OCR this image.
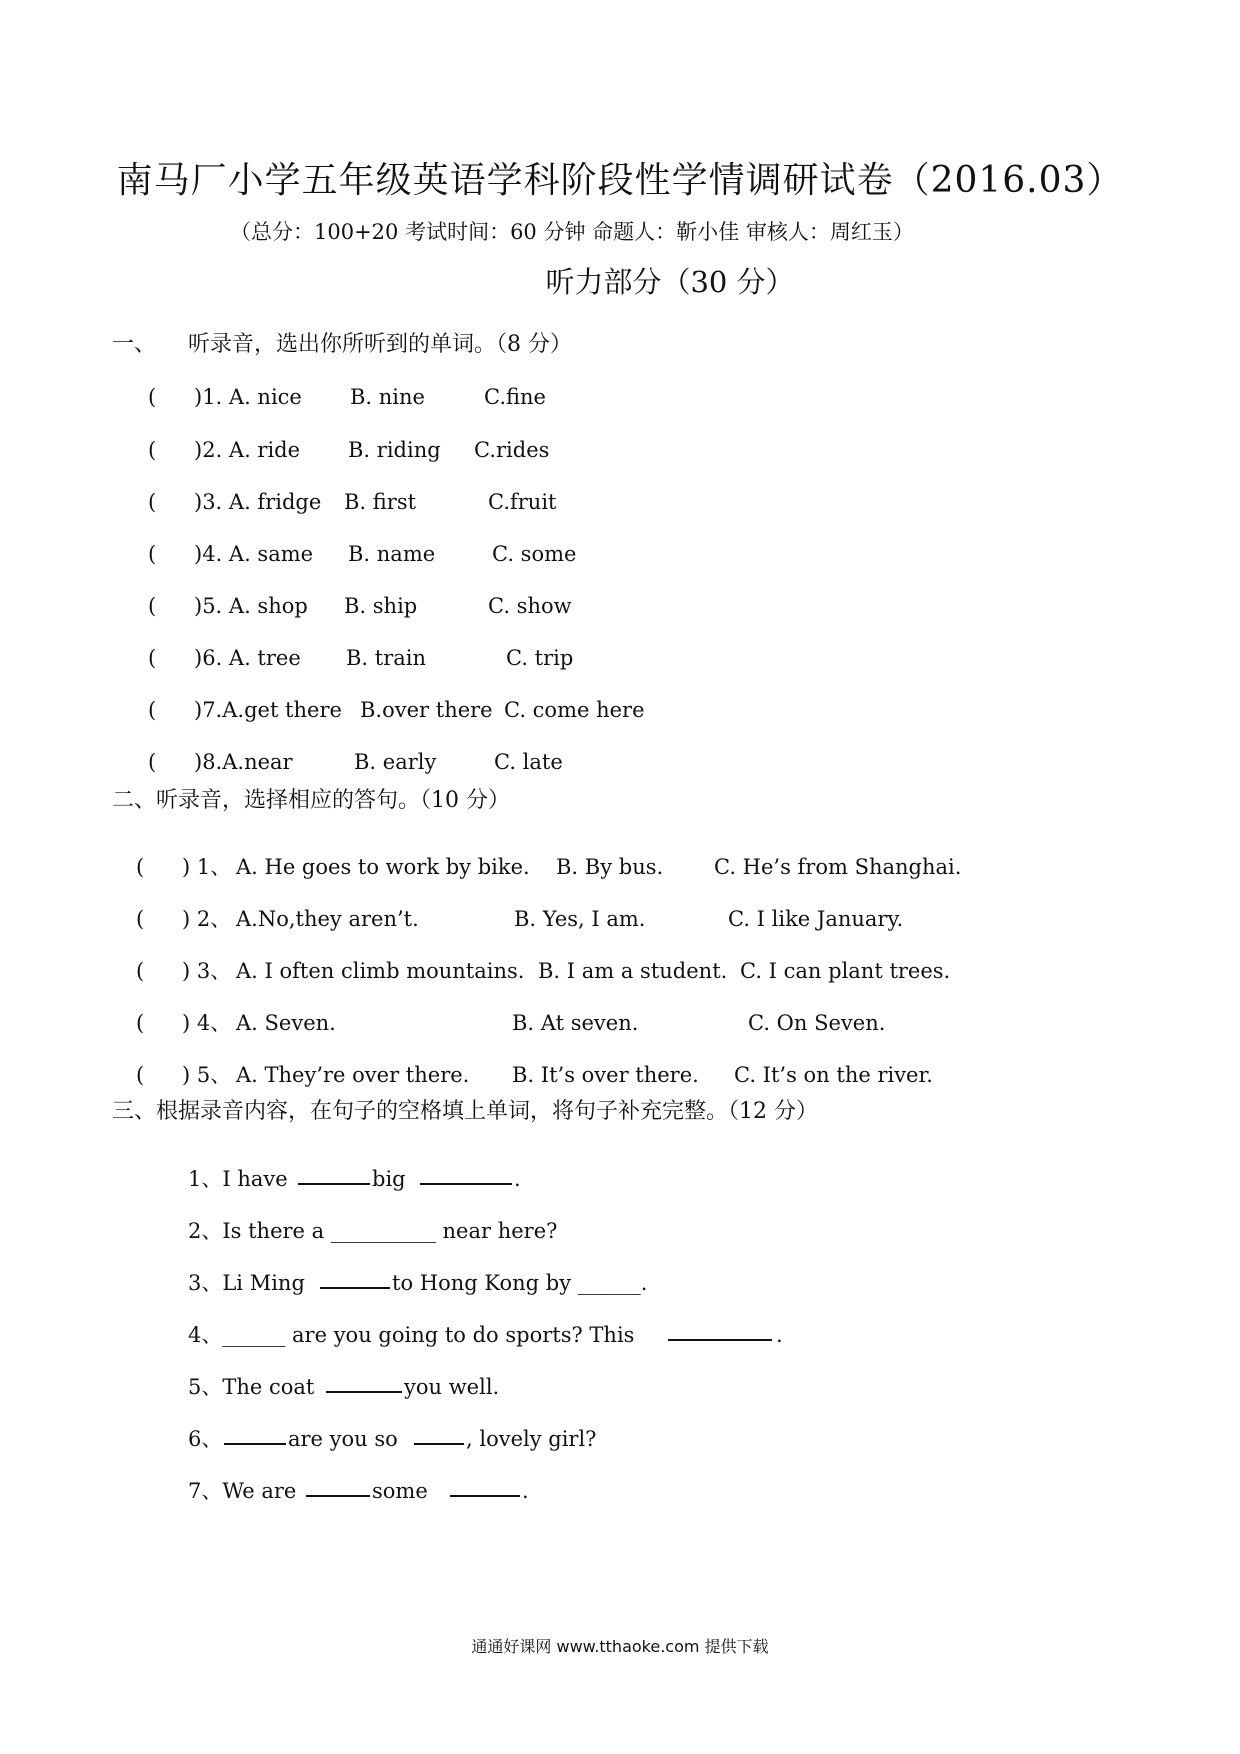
南马厂小学五年级英语学科阶段性学情调研试卷（2016.03）
（总分：100+20 考试时间：60 分钟 命题人：靳小佳 审核人：周红玉）
听力部分（30 分）
一、 听录音，选出你所听到的单词。（8 分）
( )1. A. nice B. nine	C.fine
( )2. A. ride B. riding C.rides
( )3. A. fridge B. first	C.fruit
( )4. A. same B. name	C. some
( )5. A. shop B. ship	C. show
( )6. A. tree B. train	C. trip
( )7.A.get there B.over there C. come here
( )8.A.near	B. early	C. late
二、听录音，选择相应的答句。（10 分）
( ) 1、 A. He goes to work by bike. B. By bus. C. He’s from Shanghai.
( ) 2、 A.No,they aren’t.	B. Yes, I am.	C. I like January.
( ) 3、 A. I often climb mountains. B. I am a student. C. I can plant trees.
( ) 4、 A. Seven.	B. At seven.	C. On Seven.
( ) 5、 A. They’re over there. B. It’s over there. C. It’s on the river.
三、根据录音内容，在句子的空格填上单词，将句子补充完整。（12 分）
1、I have	big	.
2、Is there a __________ near here?
3、Li Ming	to Hong Kong by ______.
4、______ are you going to do sports? This	.
5、The coat	you well.
6、	are you so	, lovely girl?
7、We are	some	.
通通好课网 www.tthaoke.com 提供下载
